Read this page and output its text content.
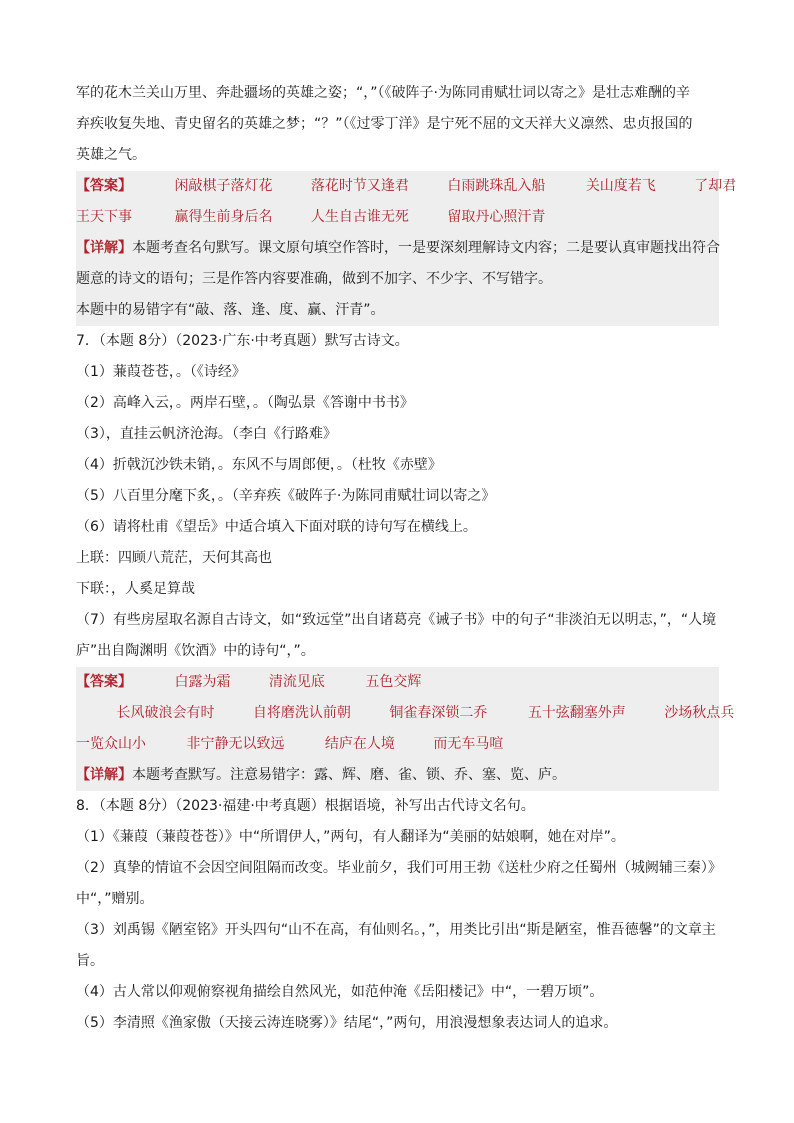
军的花木兰关山万里、奔赴疆场的英雄之姿；“，”（《破阵子·为陈同甫赋壮词以寄之》是壮志难酬的辛
弃疾收复失地、青史留名的英雄之梦；“？”（《过零丁洋》是宁死不屈的文天祥大义凛然、忠贞报国的
英雄之气。
【答案】	闲敲棋子落灯花	落花时节又逢君	白雨跳珠乱入船	关山度若飞	了却君
王天下事	赢得生前身后名	人生自古谁无死	留取丹心照汗青
【详解】本题考查名句默写。课文原句填空作答时，一是要深刻理解诗文内容；二是要认真审题找出符合
题意的诗文的语句；三是作答内容要准确，做到不加字、不少字、不写错字。
本题中的易错字有“敲、落、逢、度、赢、汗青”。
7．（本题 8分）（2023·广东·中考真题）默写古诗文。
（1）蒹葭苍苍，。（《诗经》
（2）高峰入云，。两岸石壁，。（陶弘景《答谢中书书》
（3），直挂云帆济沧海。（李白《行路难》
（4）折戟沉沙铁未销，。东风不与周郎便，。（杜牧《赤壁》
（5）八百里分麾下炙，。（辛弃疾《破阵子·为陈同甫赋壮词以寄之》
（6）请将杜甫《望岳》中适合填入下面对联的诗句写在横线上。
上联：四顾八荒茫，天何其高也
下联：，人奚足算哉
（7）有些房屋取名源自古诗文，如“致远堂”出自诸葛亮《诫子书》中的句子“非淡泊无以明志，”，“人境
庐”出自陶渊明《饮酒》中的诗句“，”。
【答案】	白露为霜	清流见底	五色交辉
长风破浪会有时	自将磨洗认前朝	铜雀春深锁二乔	五十弦翻塞外声	沙场秋点兵
一览众山小	非宁静无以致远	结庐在人境	而无车马喧
【详解】本题考查默写。注意易错字：露、辉、磨、雀、锁、乔、塞、览、庐。
8．（本题 8分）（2023·福建·中考真题）根据语境，补写出古代诗文名句。
（1）《蒹葭（蒹葭苍苍）》中“所谓伊人，”两句，有人翻译为“美丽的姑娘啊，她在对岸”。
（2）真挚的情谊不会因空间阻隔而改变。毕业前夕，我们可用王勃《送杜少府之任蜀州（城阙辅三秦）》
中“，”赠别。
（3）刘禹锡《陋室铭》开头四句“山不在高，有仙则名。，”，用类比引出“斯是陋室，惟吾德馨”的文章主
旨。
（4）古人常以仰观俯察视角描绘自然风光，如范仲淹《岳阳楼记》中“，一碧万顷”。
（5）李清照《渔家傲（天接云涛连晓雾）》结尾“，”两句，用浪漫想象表达词人的追求。
